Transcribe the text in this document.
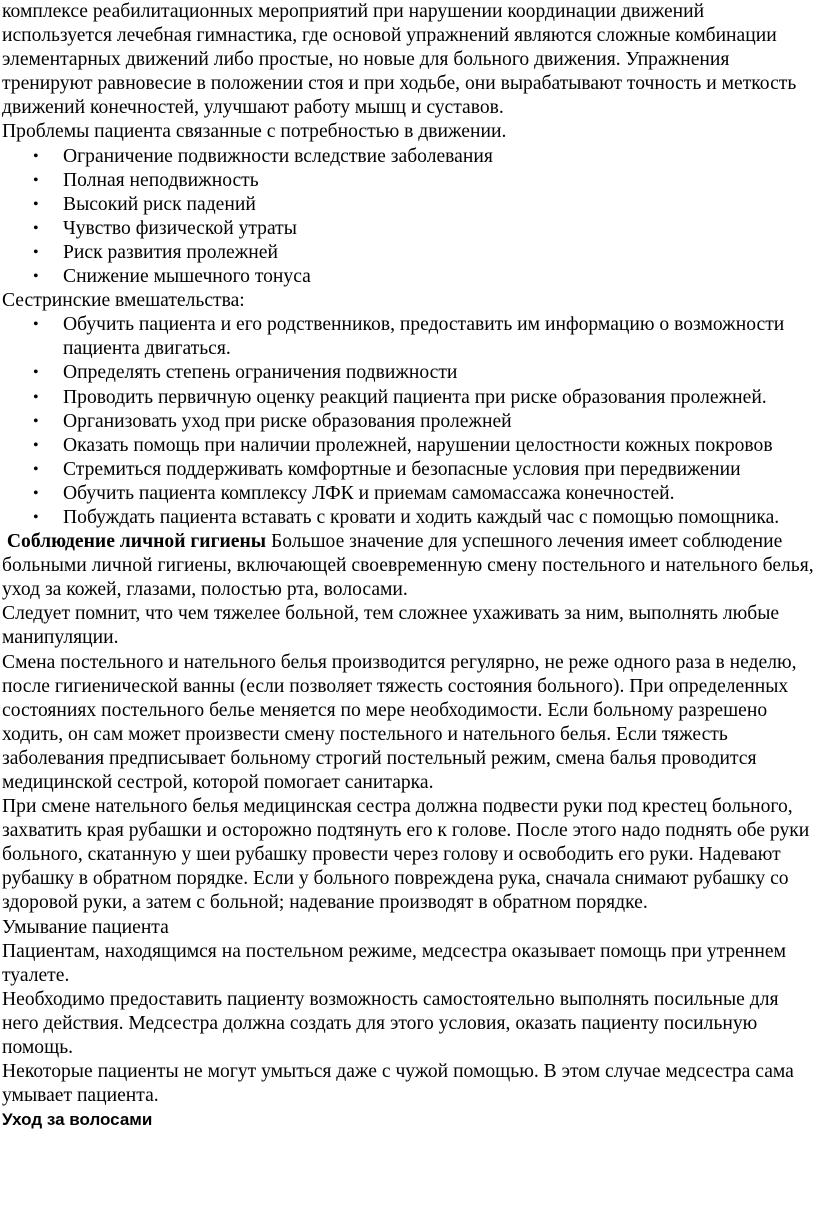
комплексе реабилитационных мероприятий при нарушении координации движений используется лечебная гимнастика, где основой упражнений являются сложные комбинации элементарных движений либо простые, но новые для больного движения. Упражнения тренируют равновесие в положении стоя и при ходьбе, они вырабатывают точность и меткость движений конечностей, улучшают работу мышц и суставов.

Проблемы пациента связанные с потребностью в движении.

• Ограничение подвижности вследствие заболевания
• Полная неподвижность
• Высокий риск падений
• Чувство физической утраты
• Риск развития пролежней
• Снижение мышечного тонуса

Сестринские вмешательства:

• Обучить пациента и его родственников, предоставить им информацию о возможности пациента двигаться.
• Определять степень ограничения подвижности
• Проводить первичную оценку реакций пациента при риске образования пролежней.
• Организовать уход при риске образования пролежней
• Оказать помощь при наличии пролежней, нарушении целостности кожных покровов
• Стремиться поддерживать комфортные и безопасные условия при передвижении
• Обучить пациента комплексу ЛФК и приемам самомассажа конечностей.
• Побуждать пациента вставать с кровати и ходить каждый час с помощью помощника.

Соблюдение личной гигиены Большое значение для успешного лечения имеет соблюдение больными личной гигиены, включающей своевременную смену постельного и нательного белья, уход за кожей, глазами, полостью рта, волосами.

Следует помнит, что чем тяжелее больной, тем сложнее ухаживать за ним, выполнять любые манипуляции.

Смена постельного и нательного белья производится регулярно, не реже одного раза в неделю, после гигиенической ванны (если позволяет тяжесть состояния больного). При определенных состояниях постельного белье меняется по мере необходимости. Если больному разрешено ходить, он сам может произвести смену постельного и нательного белья. Если тяжесть заболевания предписывает больному строгий постельный режим, смена балья проводится медицинской сестрой, которой помогает санитарка.

При смене нательного белья медицинская сестра должна подвести руки под крестец больного, захватить края рубашки и осторожно подтянуть его к голове. После этого надо поднять обе руки больного, скатанную у шеи рубашку провести через голову и освободить его руки. Надевают рубашку в обратном порядке. Если у больного повреждена рука, сначала снимают рубашку со здоровой руки, а затем с больной; надевание производят в обратном порядке.

Умывание пациента

Пациентам, находящимся на постельном режиме, медсестра оказывает помощь при утреннем туалете.

Необходимо предоставить пациенту возможность самостоятельно выполнять посильные для него действия. Медсестра должна создать для этого условия, оказать пациенту посильную помощь.

Некоторые пациенты не могут умыться даже с чужой помощью. В этом случае медсестра сама умывает пациента.

Уход за волосами
